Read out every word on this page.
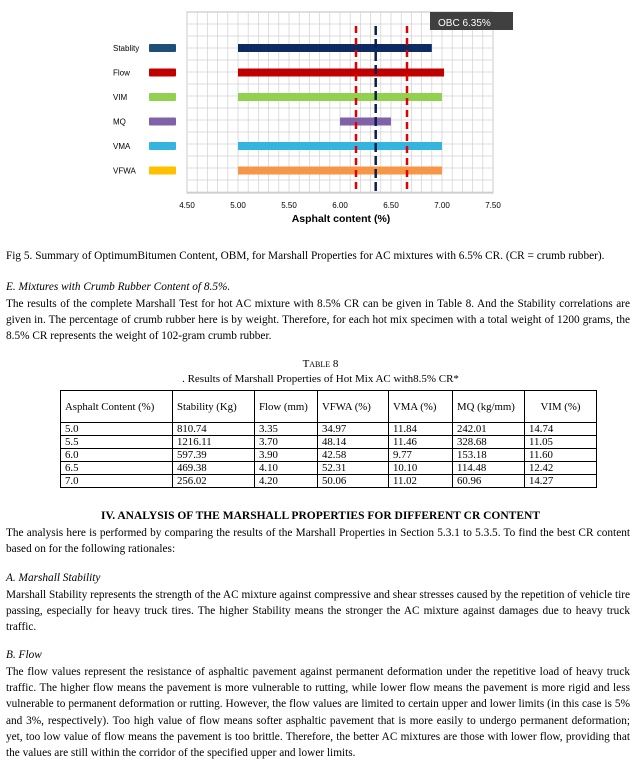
Stablity
Flow
VIM
MQ
VMA
VFWA
4.50	5.00	5.50	6.00	6.50	7.00	7.50
OBC 6.35%
Asphalt content (%)
Fig 5. Summary of OptimumBitumen Content, OBM, for Marshall Properties for AC mixtures with 6.5% CR. (CR = crumb rubber).
E. Mixtures with Crumb Rubber Content of 8.5%.
The results of the complete Marshall Test for hot AC mixture with 8.5% CR can be given in Table 8. And the Stability correlations are given in. The percentage of crumb rubber here is by weight. Therefore, for each hot mix specimen with a total weight of 1200 grams, the 8.5% CR represents the weight of 102-gram crumb rubber.
Table 8
. Results of Marshall Properties of Hot Mix AC with8.5% CR*
Asphalt Content (%)	Stability (Kg)	Flow (mm)	VFWA (%)	VMA (%)	MQ (kg/mm)	VIM (%)
5.0	810.74	3.35	34.97	11.84	242.01	14.74
5.5	1216.11	3.70	48.14	11.46	328.68	11.05
6.0	597.39	3.90	42.58	9.77	153.18	11.60
6.5	469.38	4.10	52.31	10.10	114.48	12.42
7.0	256.02	4.20	50.06	11.02	60.96	14.27
IV. ANALYSIS OF THE MARSHALL PROPERTIES FOR DIFFERENT CR CONTENT
The analysis here is performed by comparing the results of the Marshall Properties in Section 5.3.1 to 5.3.5. To find the best CR content based on for the following rationales:
A. Marshall Stability
Marshall Stability represents the strength of the AC mixture against compressive and shear stresses caused by the repetition of vehicle tire passing, especially for heavy truck tires. The higher Stability means the stronger the AC mixture against damages due to heavy truck traffic.
B. Flow
The flow values represent the resistance of asphaltic pavement against permanent deformation under the repetitive load of heavy truck traffic. The higher flow means the pavement is more vulnerable to rutting, while lower flow means the pavement is more rigid and less vulnerable to permanent deformation or rutting. However, the flow values are limited to certain upper and lower limits (in this case is 5% and 3%, respectively). Too high value of flow means softer asphaltic pavement that is more easily to undergo permanent deformation; yet, too low value of flow means the pavement is too brittle. Therefore, the better AC mixtures are those with lower flow, providing that the values are still within the corridor of the specified upper and lower limits.
